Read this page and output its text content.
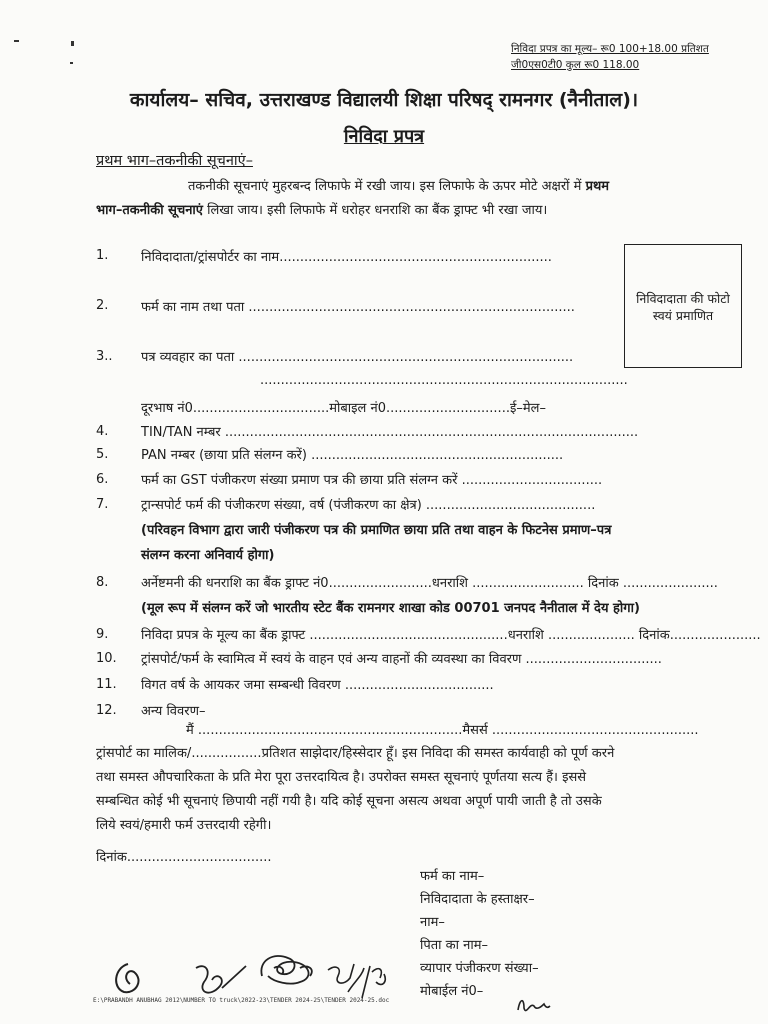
निविदा प्रपत्र का मूल्य– रू0 100+18.00 प्रतिशत
जी0एस0टी0 कुल रू0 118.00
कार्यालय– सचिव, उत्तराखण्ड विद्यालयी शिक्षा परिषद् रामनगर (नैनीताल)।
निविदा प्रपत्र
प्रथम भाग–तकनीकी सूचनाएं–
तकनीकी सूचनाएं मुहरबन्द लिफाफे में रखी जाय। इस लिफाफे के ऊपर मोटे अक्षरों में प्रथम
भाग–तकनीकी सूचनाएं लिखा जाय। इसी लिफाफे में धरोहर धनराशि का बैंक ड्राफ्ट भी रखा जाय।
निविदादाता की फोटो स्वयं प्रमाणित
1.	निविदादाता/ट्रांसपोर्टर का नाम..................................................................
2.	फर्म का नाम तथा पता ...............................................................................
3.. पत्र व्यवहार का पता .................................................................................
.........................................................................................
दूरभाष नं0.................................मोबाइल नं0..............................ई–मेल–
4.	TIN/TAN नम्बर ....................................................................................................
5.	PAN नम्बर (छाया प्रति संलग्न करें) .............................................................
6.	फर्म का GST पंजीकरण संख्या प्रमाण पत्र की छाया प्रति संलग्न करें ..................................
7.	ट्रान्सपोर्ट फर्म की पंजीकरण संख्या, वर्ष (पंजीकरण का क्षेत्र) .........................................
(परिवहन विभाग द्वारा जारी पंजीकरण पत्र की प्रमाणित छाया प्रति तथा वाहन के फिटनेस प्रमाण–पत्र
संलग्न करना अनिवार्य होगा)
8.	अर्नेष्टमनी की धनराशि का बैंक ड्राफ्ट नं0.........................धनराशि ........................... दिनांक .......................
(मूल रूप में संलग्न करें जो भारतीय स्टेट बैंक रामनगर शाखा कोड 00701 जनपद नैनीताल में देय होगा)
9.	निविदा प्रपत्र के मूल्य का बैंक ड्राफ्ट ................................................धनराशि ..................... दिनांक......................
10. ट्रांसपोर्ट/फर्म के स्वामित्व में स्वयं के वाहन एवं अन्य वाहनों की व्यवस्था का विवरण .................................
11. विगत वर्ष के आयकर जमा सम्बन्धी विवरण ....................................
12. अन्य विवरण–
मैं ................................................................मैसर्स ..................................................
ट्रांसपोर्ट का मालिक/.................प्रतिशत साझेदार/हिस्सेदार हूँ। इस निविदा की समस्त कार्यवाही को पूर्ण करने
तथा समस्त औपचारिकता के प्रति मेरा पूरा उत्तरदायित्व है। उपरोक्त समस्त सूचनाएं पूर्णतया सत्य हैं। इससे
सम्बन्धित कोई भी सूचनाएं छिपायी नहीं गयी है। यदि कोई सूचना असत्य अथवा अपूर्ण पायी जाती है तो उसके
लिये स्वयं/हमारी फर्म उत्तरदायी रहेगी।
दिनांक...................................
फर्म का नाम–
निविदादाता के हस्ताक्षर–
नाम–
पिता का नाम–
व्यापार पंजीकरण संख्या–
मोबाईल नं0–
E:\PRABANDH ANUBHAG 2012\NUMBER TO truck\2022-23\TENDER 2024-25\TENDER 2024-25.doc
